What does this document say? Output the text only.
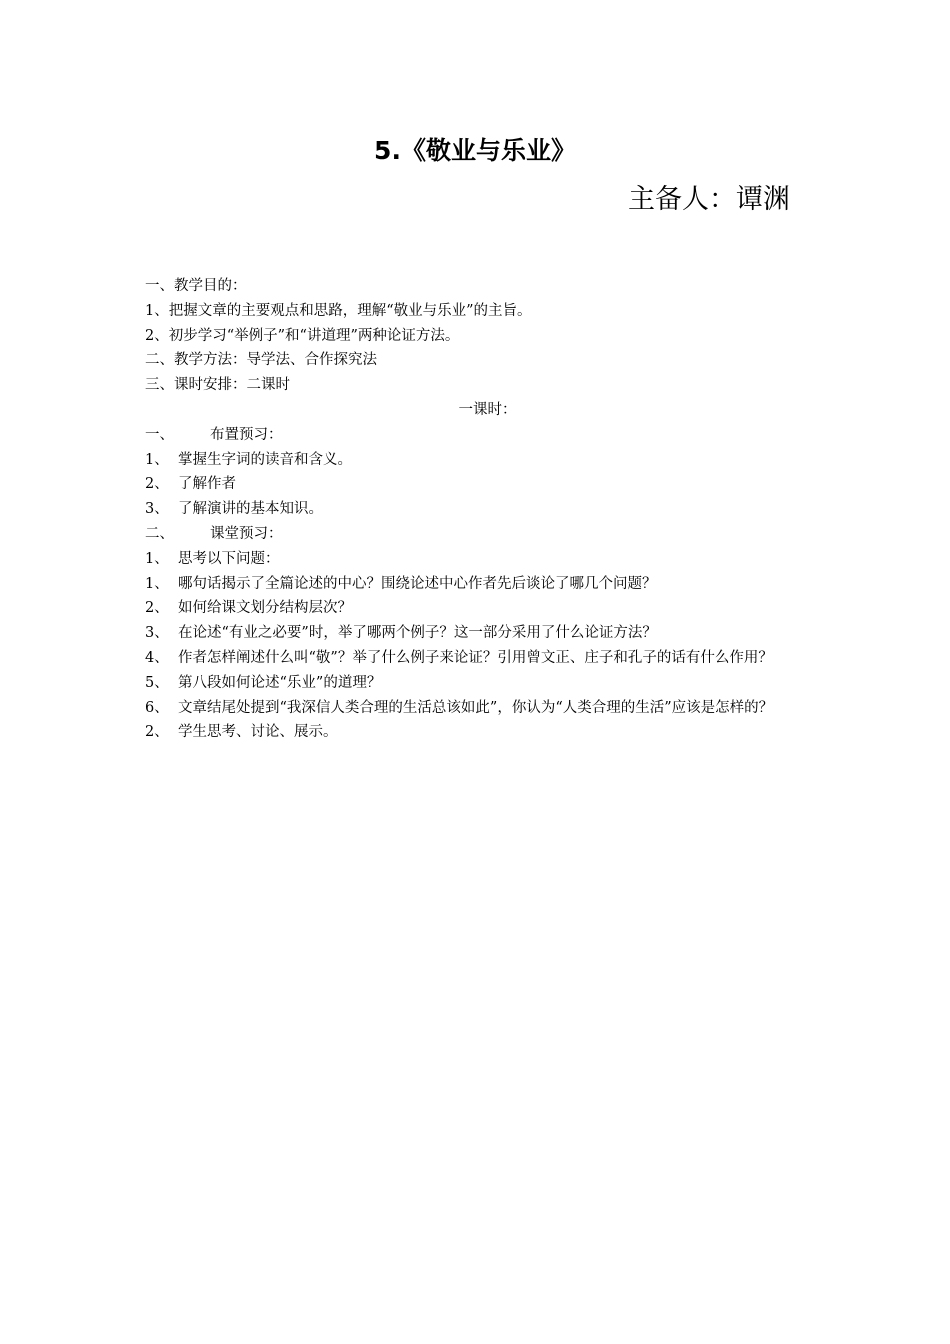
5.《敬业与乐业》
主备人：谭渊
一、教学目的：
1、把握文章的主要观点和思路，理解“敬业与乐业”的主旨。
2、初步学习“举例子”和“讲道理”两种论证方法。
二、教学方法：导学法、合作探究法
三、课时安排：二课时
一课时：
一、 布置预习：
1、 掌握生字词的读音和含义。
2、 了解作者
3、 了解演讲的基本知识。
二、 课堂预习：
1、 思考以下问题：
1、 哪句话揭示了全篇论述的中心？围绕论述中心作者先后谈论了哪几个问题？
2、 如何给课文划分结构层次？
3、 在论述“有业之必要”时，举了哪两个例子？这一部分采用了什么论证方法？
4、 作者怎样阐述什么叫“敬”？举了什么例子来论证？引用曾文正、庄子和孔子的话有什么作用？
5、 第八段如何论述“乐业”的道理？
6、 文章结尾处提到“我深信人类合理的生活总该如此”，你认为“人类合理的生活”应该是怎样的？
2、 学生思考、讨论、展示。
